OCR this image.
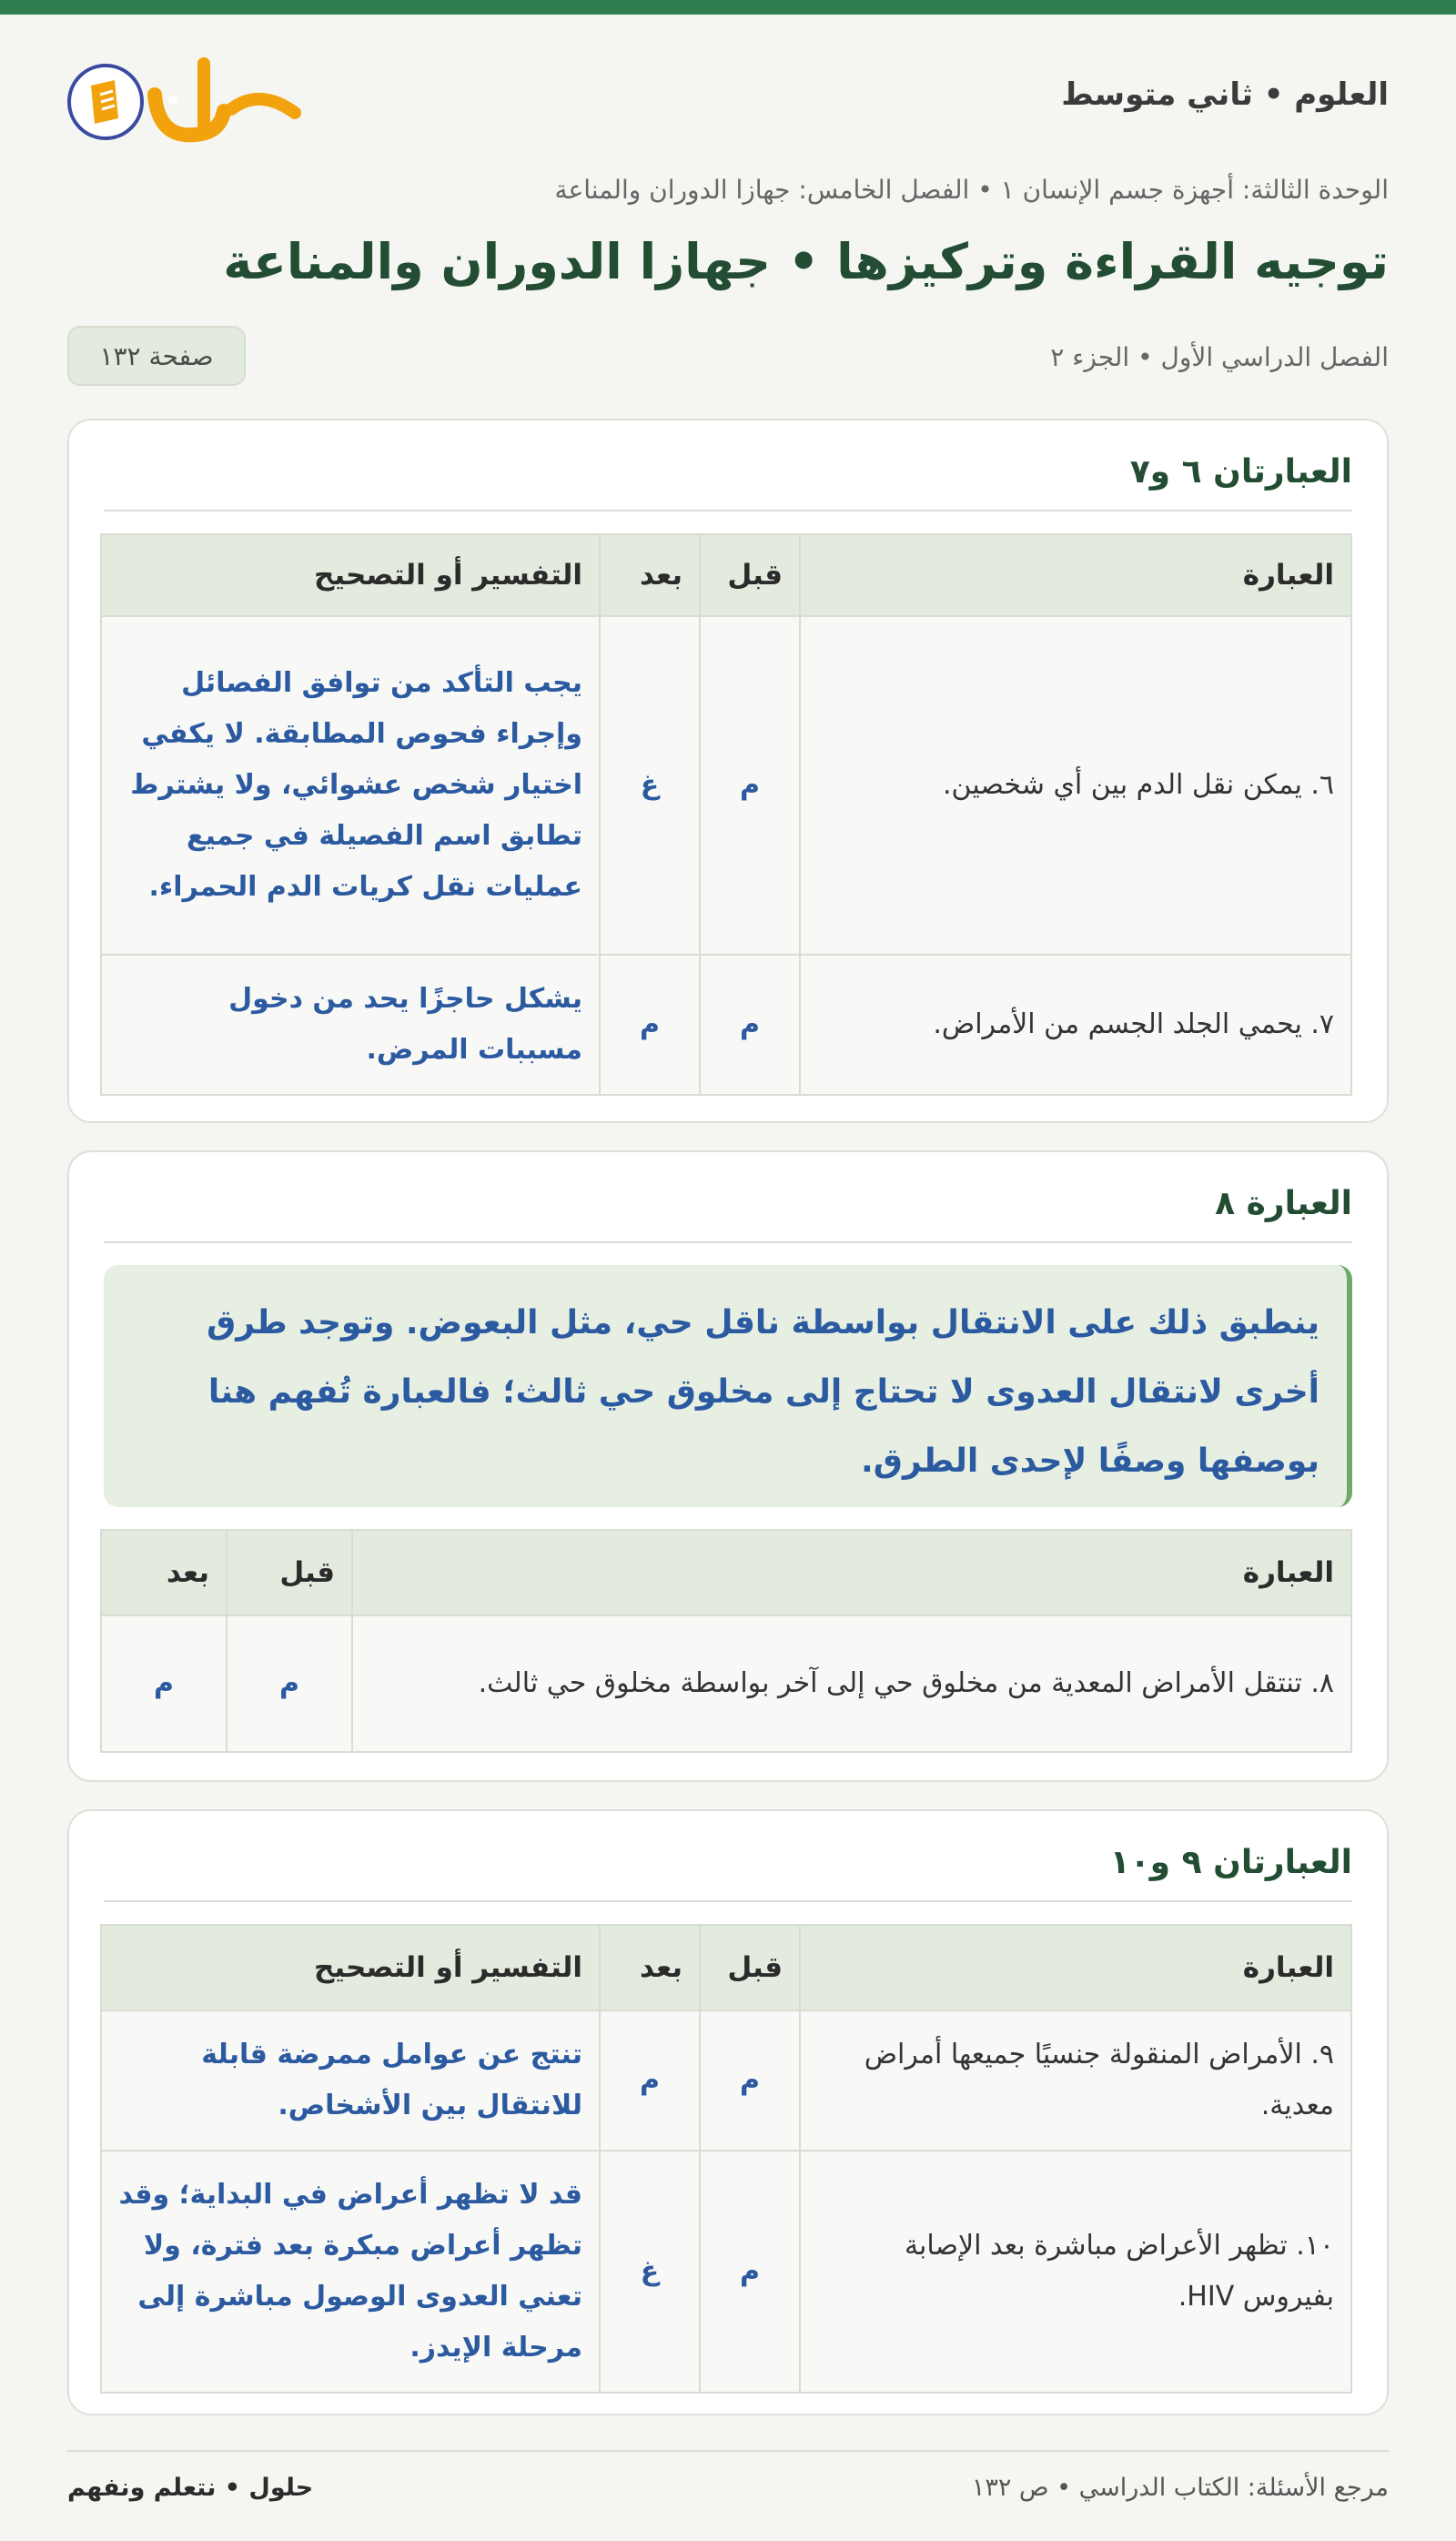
العلوم • ثاني متوسط
الوحدة الثالثة: أجهزة جسم الإنسان ١ • الفصل الخامس: جهازا الدوران والمناعة
توجيه القراءة وتركيزها • جهازا الدوران والمناعة
الفصل الدراسي الأول • الجزء ٢
صفحة ١٣٢
العبارتان ٦ و٧
العبارة	قبل	بعد	التفسير أو التصحيح
٦. يمكن نقل الدم بين أي شخصين.	م	غ	يجب التأكد من توافق الفصائل وإجراء فحوص المطابقة. لا يكفي اختيار شخص عشوائي، ولا يشترط تطابق اسم الفصيلة في جميع عمليات نقل كريات الدم الحمراء.
٧. يحمي الجلد الجسم من الأمراض.	م	م	يشكل حاجزًا يحد من دخول مسببات المرض.
العبارة ٨
ينطبق ذلك على الانتقال بواسطة ناقل حي، مثل البعوض. وتوجد طرق أخرى لانتقال العدوى لا تحتاج إلى مخلوق حي ثالث؛ فالعبارة تُفهم هنا بوصفها وصفًا لإحدى الطرق.
العبارة	قبل	بعد
٨. تنتقل الأمراض المعدية من مخلوق حي إلى آخر بواسطة مخلوق حي ثالث.	م	م
العبارتان ٩ و١٠
العبارة	قبل	بعد	التفسير أو التصحيح
٩. الأمراض المنقولة جنسيًا جميعها أمراض معدية.	م	م	تنتج عن عوامل ممرضة قابلة للانتقال بين الأشخاص.
١٠. تظهر الأعراض مباشرة بعد الإصابة بفيروس HIV.	م	غ	قد لا تظهر أعراض في البداية؛ وقد تظهر أعراض مبكرة بعد فترة، ولا تعني العدوى الوصول مباشرة إلى مرحلة الإيدز.
مرجع الأسئلة: الكتاب الدراسي • ص ١٣٢
حلول • نتعلم ونفهم
